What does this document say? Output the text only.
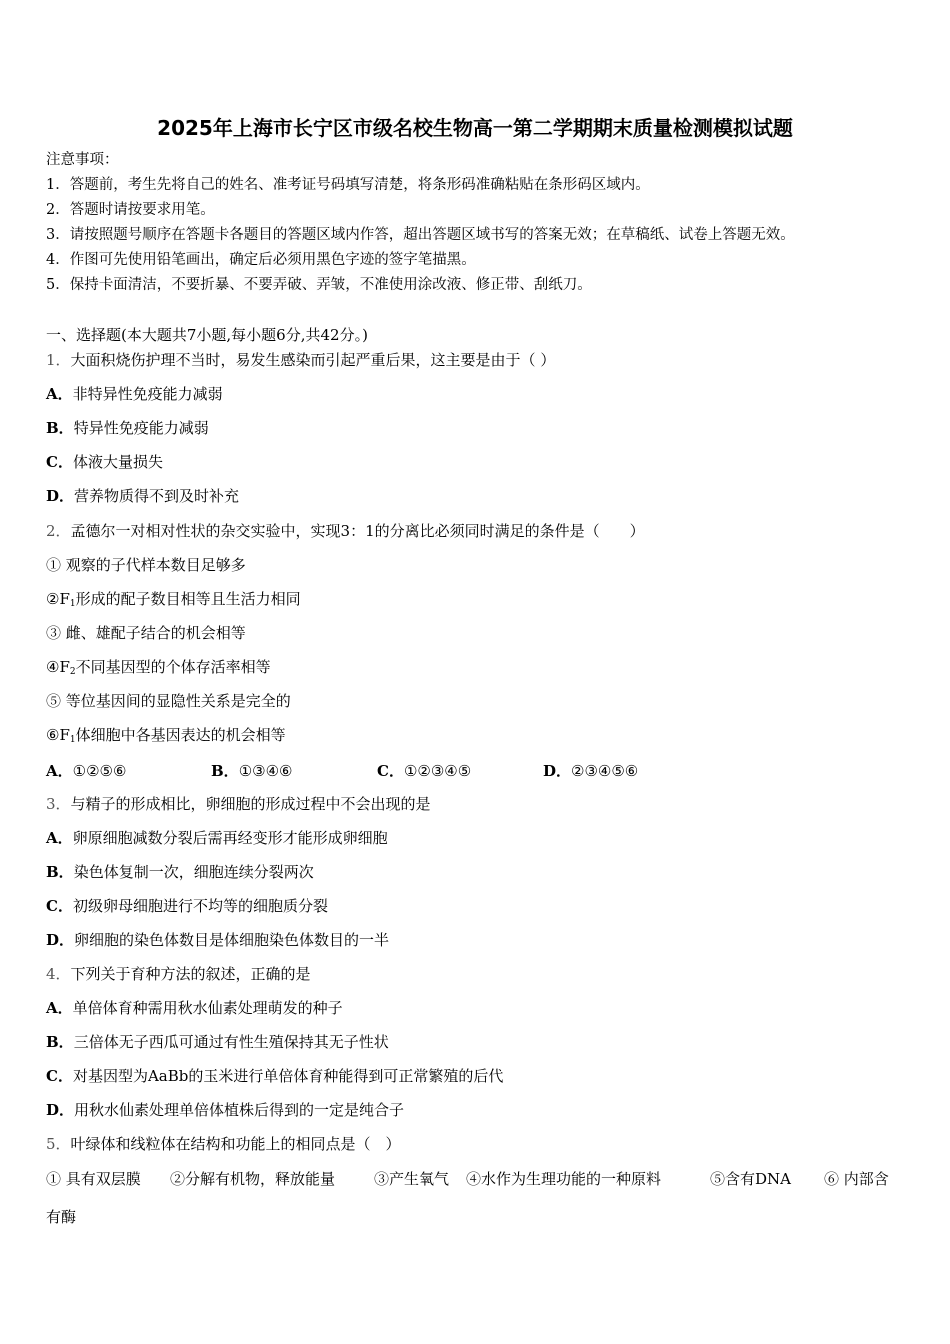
2025年上海市长宁区市级名校生物高一第二学期期末质量检测模拟试题
注意事项：
1．答题前，考生先将自己的姓名、准考证号码填写清楚，将条形码准确粘贴在条形码区域内。
2．答题时请按要求用笔。
3．请按照题号顺序在答题卡各题目的答题区域内作答，超出答题区域书写的答案无效；在草稿纸、试卷上答题无效。
4．作图可先使用铅笔画出，确定后必须用黑色字迹的签字笔描黑。
5．保持卡面清洁，不要折暴、不要弄破、弄皱，不准使用涂改液、修正带、刮纸刀。
一、选择题(本大题共7小题,每小题6分,共42分。)
1．大面积烧伤护理不当时，易发生感染而引起严重后果，这主要是由于（ ）
A．非特异性免疫能力减弱
B．特异性免疫能力减弱
C．体液大量损失
D．营养物质得不到及时补充
2．孟德尔一对相对性状的杂交实验中，实现3：1的分离比必须同时满足的条件是（　　）
① 观察的子代样本数目足够多
$②F_1$形成的配子数目相等且生活力相同
③ 雌、雄配子结合的机会相等
$④F_2$不同基因型的个体存活率相等
⑤ 等位基因间的显隐性关系是完全的
$⑥F_1$体细胞中各基因表达的机会相等
A．①②⑤⑥	B．①③④⑥	C．①②③④⑤	D．②③④⑤⑥
3．与精子的形成相比，卵细胞的形成过程中不会出现的是
A．卵原细胞减数分裂后需再经变形才能形成卵细胞
B．染色体复制一次，细胞连续分裂两次
C．初级卵母细胞进行不均等的细胞质分裂
D．卵细胞的染色体数目是体细胞染色体数目的一半
4．下列关于育种方法的叙述，正确的是
A．单倍体育种需用秋水仙素处理萌发的种子
B．三倍体无子西瓜可通过有性生殖保持其无子性状
C．对基因型为AaBb的玉米进行单倍体育种能得到可正常繁殖的后代
D．用秋水仙素处理单倍体植株后得到的一定是纯合子
5．叶绿体和线粒体在结构和功能上的相同点是（　）
① 具有双层膜 ②分解有机物，释放能量	③产生氧气 ④水作为生理功能的一种原料	⑤含有DNA ⑥ 内部含
有酶
